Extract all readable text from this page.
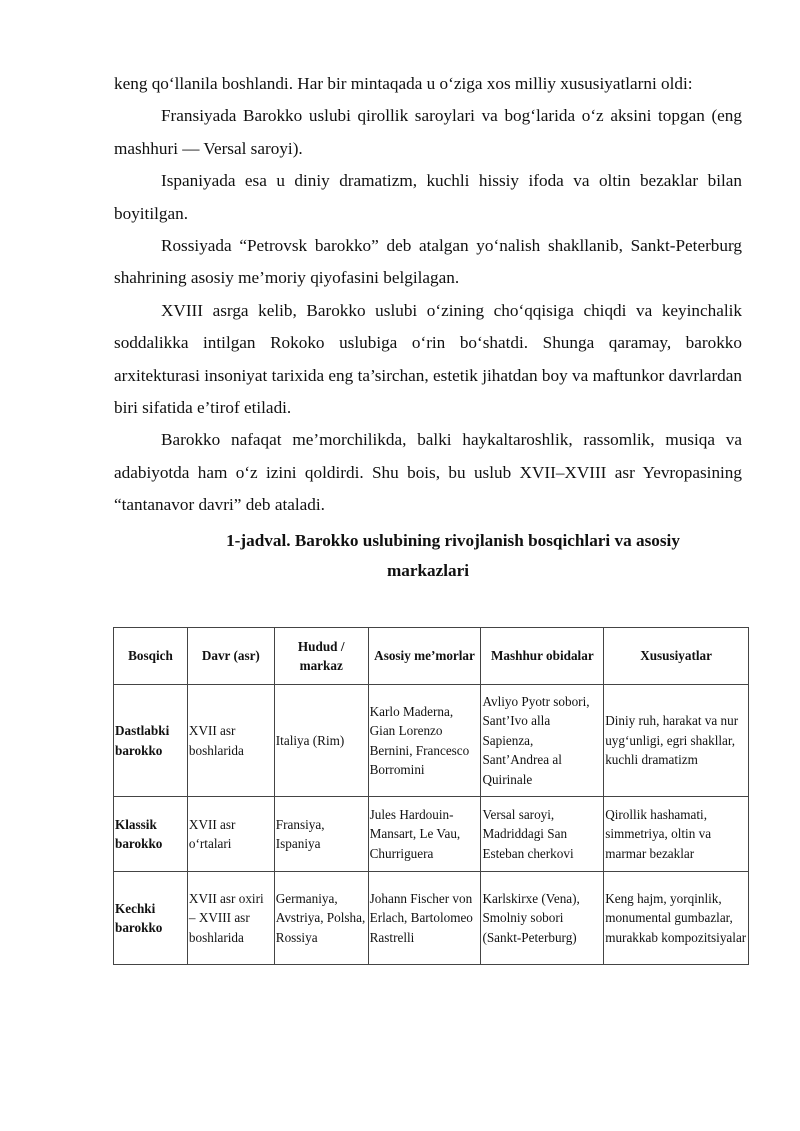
keng qo‘llanila boshlandi. Har bir mintaqada u o‘ziga xos milliy xususiyatlarni oldi:

Fransiyada Barokko uslubi qirollik saroylari va bog‘larida o‘z aksini topgan (eng mashhuri — Versal saroyi).

Ispaniyada esa u diniy dramatizm, kuchli hissiy ifoda va oltin bezaklar bilan boyitilgan.

Rossiyada “Petrovsk barokko” deb atalgan yo‘nalish shakllanib, Sankt-Peterburg shahrining asosiy me’moriy qiyofasini belgilagan.

XVIII asrga kelib, Barokko uslubi o‘zining cho‘qqisiga chiqdi va keyinchalik soddalikka intilgan Rokoko uslubiga o‘rin bo‘shatdi. Shunga qaramay, barokko arxitekturasi insoniyat tarixida eng ta’sirchan, estetik jihatdan boy va maftunkor davrlardan biri sifatida e’tirof etiladi.

Barokko nafaqat me’morchilikda, balki haykaltaroshlik, rassomlik, musiqa va adabiyotda ham o‘z izini qoldirdi. Shu bois, bu uslub XVII–XVIII asr Yevropasining “tantanavor davri” deb ataladi.

1-jadval. Barokko uslubining rivojlanish bosqichlari va asosiy
markazlari
Bosqich	Davr (asr)	Hudud / markaz	Asosiy me’morlar	Mashhur obidalar	Xususiyatlar
Dastlabki barokko	XVII asr boshlarida	Italiya (Rim)	Karlo Maderna, Gian Lorenzo Bernini, Francesco Borromini	Avliyo Pyotr sobori, Sant’Ivo alla Sapienza, Sant’Andrea al Quirinale	Diniy ruh, harakat va nur uyg‘unligi, egri shakllar, kuchli dramatizm
Klassik barokko	XVII asr o‘rtalari	Fransiya, Ispaniya	Jules Hardouin-Mansart, Le Vau, Churriguera	Versal saroyi, Madriddagi San Esteban cherkovi	Qirollik hashamati, simmetriya, oltin va marmar bezaklar
Kechki barokko	XVII asr oxiri – XVIII asr boshlarida	Germaniya, Avstriya, Polsha, Rossiya	Johann Fischer von Erlach, Bartolomeo Rastrelli	Karlskirxe (Vena), Smolniy sobori (Sankt-Peterburg)	Keng hajm, yorqinlik, monumental gumbazlar, murakkab kompozitsiyalar
